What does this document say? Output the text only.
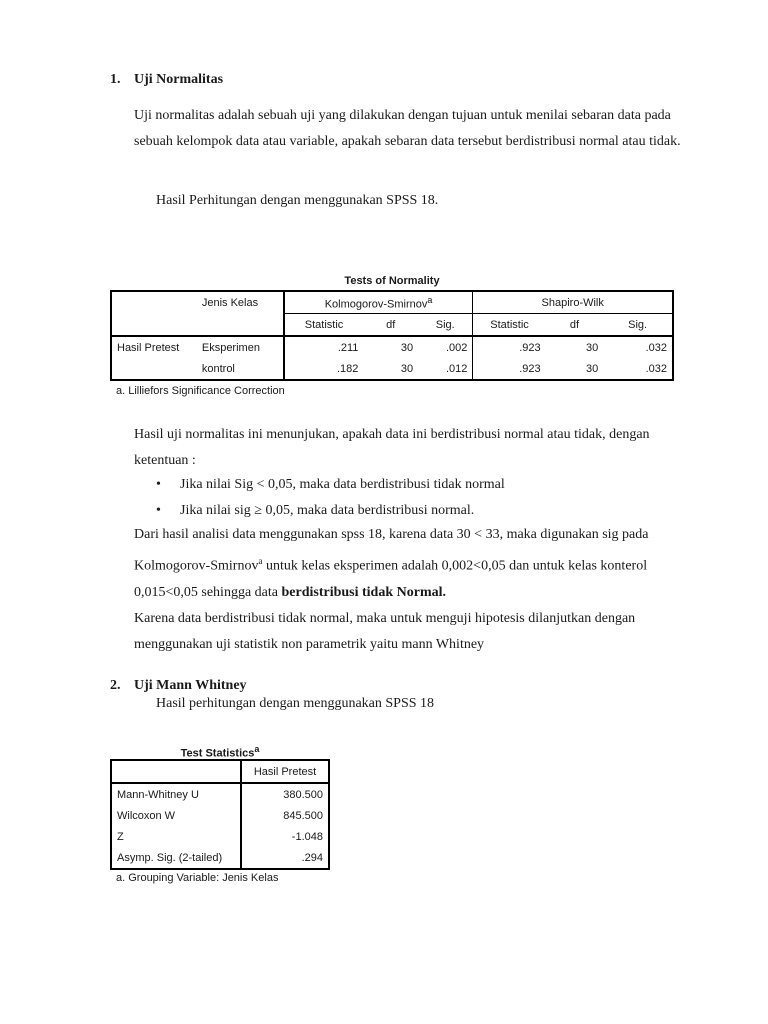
1. Uji Normalitas
Uji normalitas adalah sebuah uji yang dilakukan dengan tujuan untuk menilai sebaran data pada sebuah kelompok data atau variable, apakah sebaran data tersebut berdistribusi normal atau tidak.
Hasil Perhitungan dengan menggunakan SPSS 18.
Tests of Normality
	Jenis Kelas	Kolmogorov-Smirnov$^a$			Shapiro-Wilk		
		Statistic	df	Sig.	Statistic	df	Sig.
Hasil Pretest	Eksperimen	.211	30	.002	.923	30	.032
	kontrol	.182	30	.012	.923	30	.032
a. Lilliefors Significance Correction
Hasil uji normalitas ini menunjukan, apakah data ini berdistribusi normal atau tidak, dengan ketentuan :
• Jika nilai Sig < 0,05, maka data berdistribusi tidak normal
• Jika nilai sig ≥ 0,05, maka data berdistribusi normal.
Dari hasil analisi data menggunakan spss 18, karena data 30 < 33, maka digunakan sig pada Kolmogorov-Smirnov$^a$ untuk kelas eksperimen adalah 0,002<0,05 dan untuk kelas konterol 0,015<0,05 sehingga data berdistribusi tidak Normal.
Karena data berdistribusi tidak normal, maka untuk menguji hipotesis dilanjutkan dengan menggunakan uji statistik non parametrik yaitu mann Whitney
2. Uji Mann Whitney
Hasil perhitungan dengan menggunakan SPSS 18
Test Statistics$^a$
	Hasil Pretest
Mann-Whitney U	380.500
Wilcoxon W	845.500
Z	-1.048
Asymp. Sig. (2-tailed)	.294
a. Grouping Variable: Jenis Kelas
